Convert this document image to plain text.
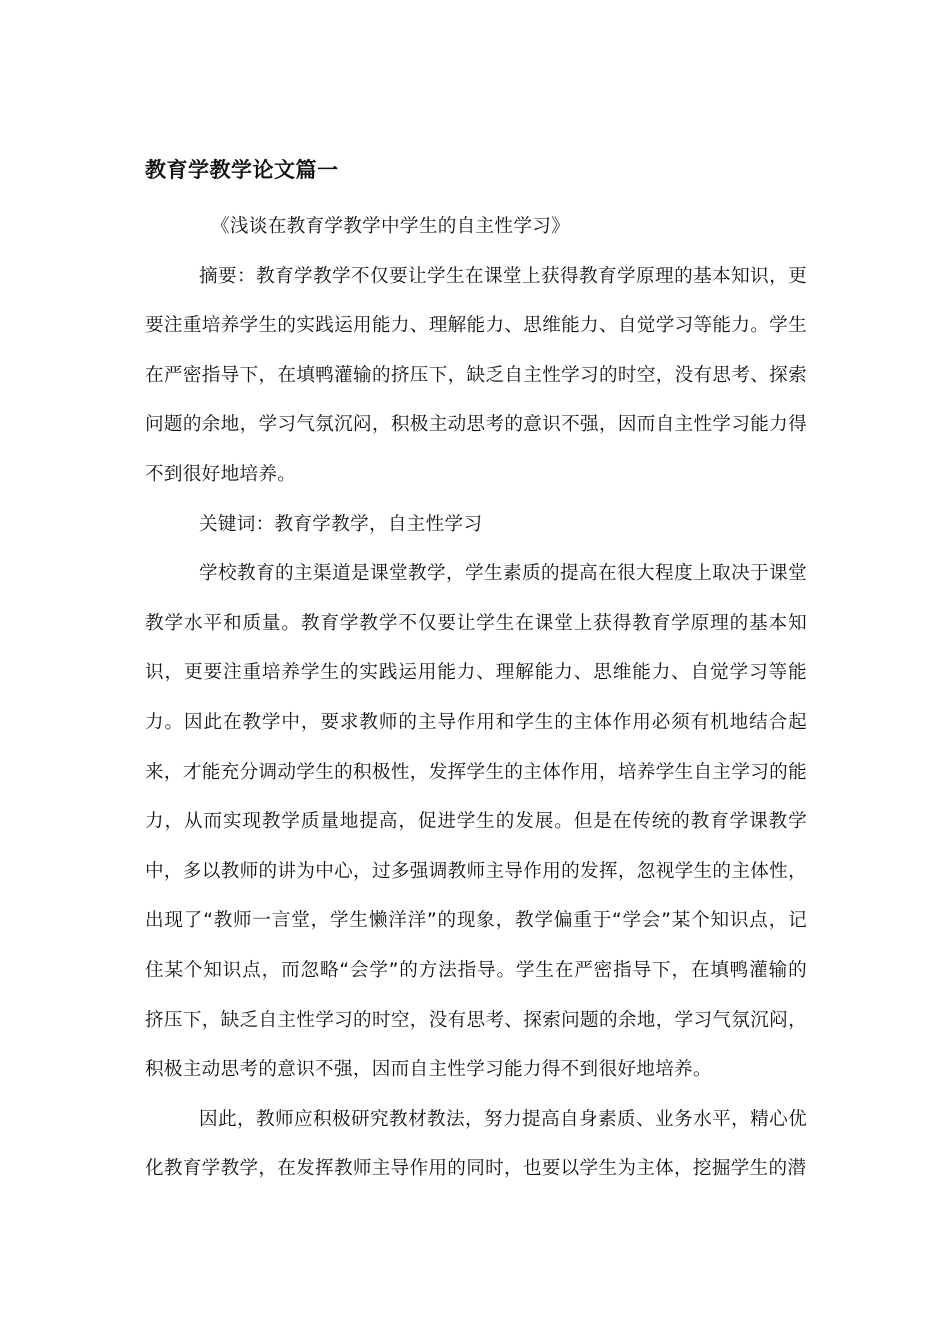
教育学教学论文篇一

《浅谈在教育学教学中学生的自主性学习》

摘要：教育学教学不仅要让学生在课堂上获得教育学原理的基本知识，更要注重培养学生的实践运用能力、理解能力、思维能力、自觉学习等能力。学生在严密指导下，在填鸭灌输的挤压下，缺乏自主性学习的时空，没有思考、探索问题的余地，学习气氛沉闷，积极主动思考的意识不强，因而自主性学习能力得不到很好地培养。

关键词：教育学教学，自主性学习

学校教育的主渠道是课堂教学，学生素质的提高在很大程度上取决于课堂教学水平和质量。教育学教学不仅要让学生在课堂上获得教育学原理的基本知识，更要注重培养学生的实践运用能力、理解能力、思维能力、自觉学习等能力。因此在教学中，要求教师的主导作用和学生的主体作用必须有机地结合起来，才能充分调动学生的积极性，发挥学生的主体作用，培养学生自主学习的能力，从而实现教学质量地提高，促进学生的发展。但是在传统的教育学课教学中，多以教师的讲为中心，过多强调教师主导作用的发挥，忽视学生的主体性，出现了“教师一言堂，学生懒洋洋”的现象，教学偏重于“学会”某个知识点，记住某个知识点，而忽略“会学”的方法指导。学生在严密指导下，在填鸭灌输的挤压下，缺乏自主性学习的时空，没有思考、探索问题的余地，学习气氛沉闷，积极主动思考的意识不强，因而自主性学习能力得不到很好地培养。

因此，教师应积极研究教材教法，努力提高自身素质、业务水平，精心优化教育学教学，在发挥教师主导作用的同时，也要以学生为主体，挖掘学生的潜
